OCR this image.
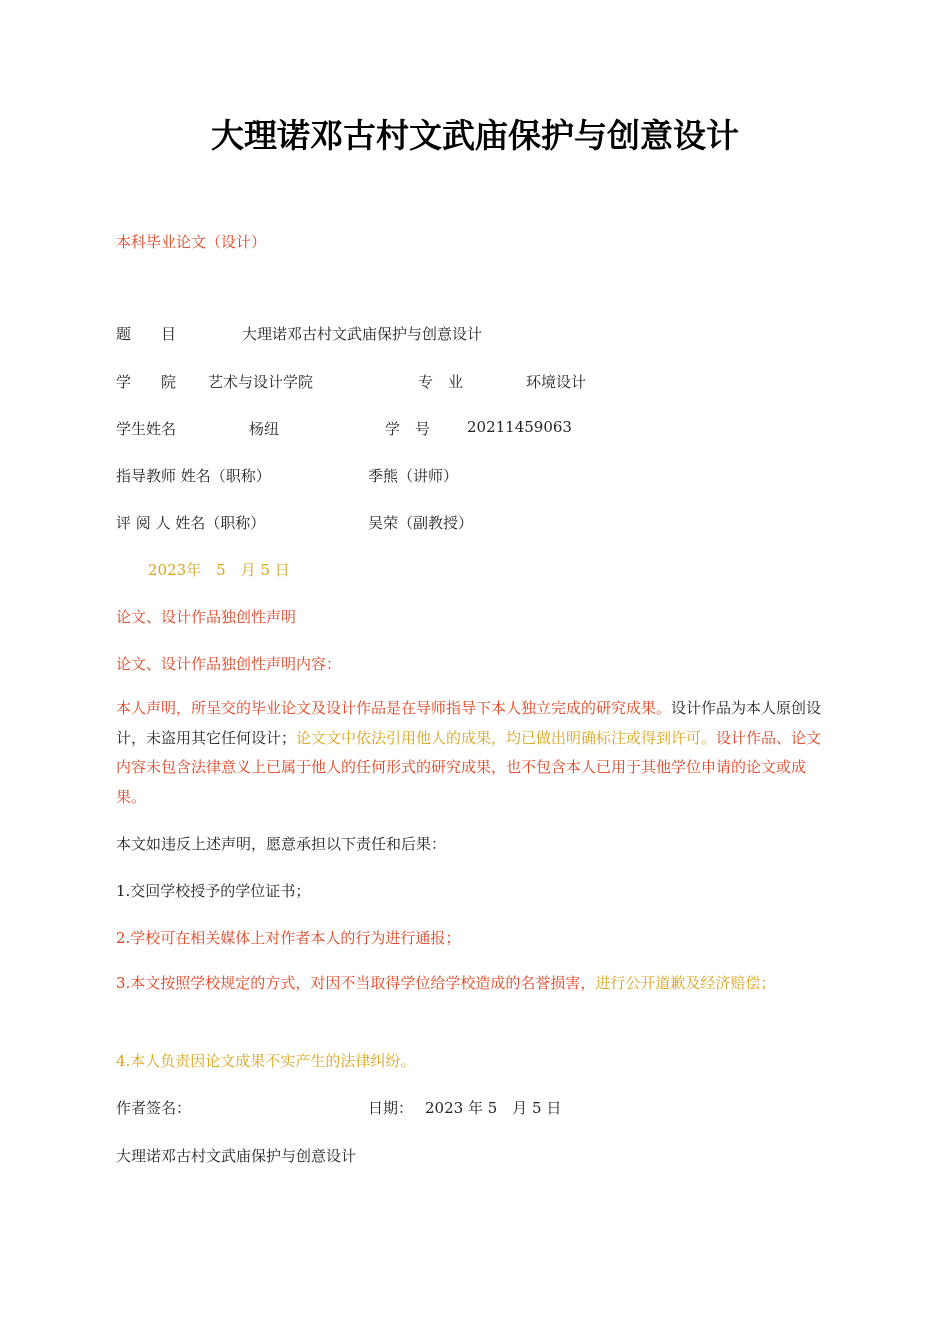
大理诺邓古村文武庙保护与创意设计
本科毕业论文（设计）
题　　目	大理诺邓古村文武庙保护与创意设计
学　　院 艺术与设计学院	专　业	环境设计
学生姓名	杨纽	学　号 20211459063
指导教师 姓名（职称）	季熊（讲师）
评 阅 人 姓名（职称）	吴荣（副教授）
2023年　5　月 5 日
论文、设计作品独创性声明
论文、设计作品独创性声明内容：
本人声明，所呈交的毕业论文及设计作品是在导师指导下本人独立完成的研究成果。设计作品为本人原创设计，未盗用其它任何设计；论文文中依法引用他人的成果，均已做出明确标注或得到许可。设计作品、论文内容未包含法律意义上已属于他人的任何形式的研究成果，也不包含本人已用于其他学位申请的论文或成果。
本文如违反上述声明，愿意承担以下责任和后果：
1.交回学校授予的学位证书；
2.学校可在相关媒体上对作者本人的行为进行通报；
3.本文按照学校规定的方式，对因不当取得学位给学校造成的名誉损害，进行公开道歉及经济赔偿；
4.本人负责因论文成果不实产生的法律纠纷。
作者签名：	日期： 2023 年 5　月 5 日
大理诺邓古村文武庙保护与创意设计
